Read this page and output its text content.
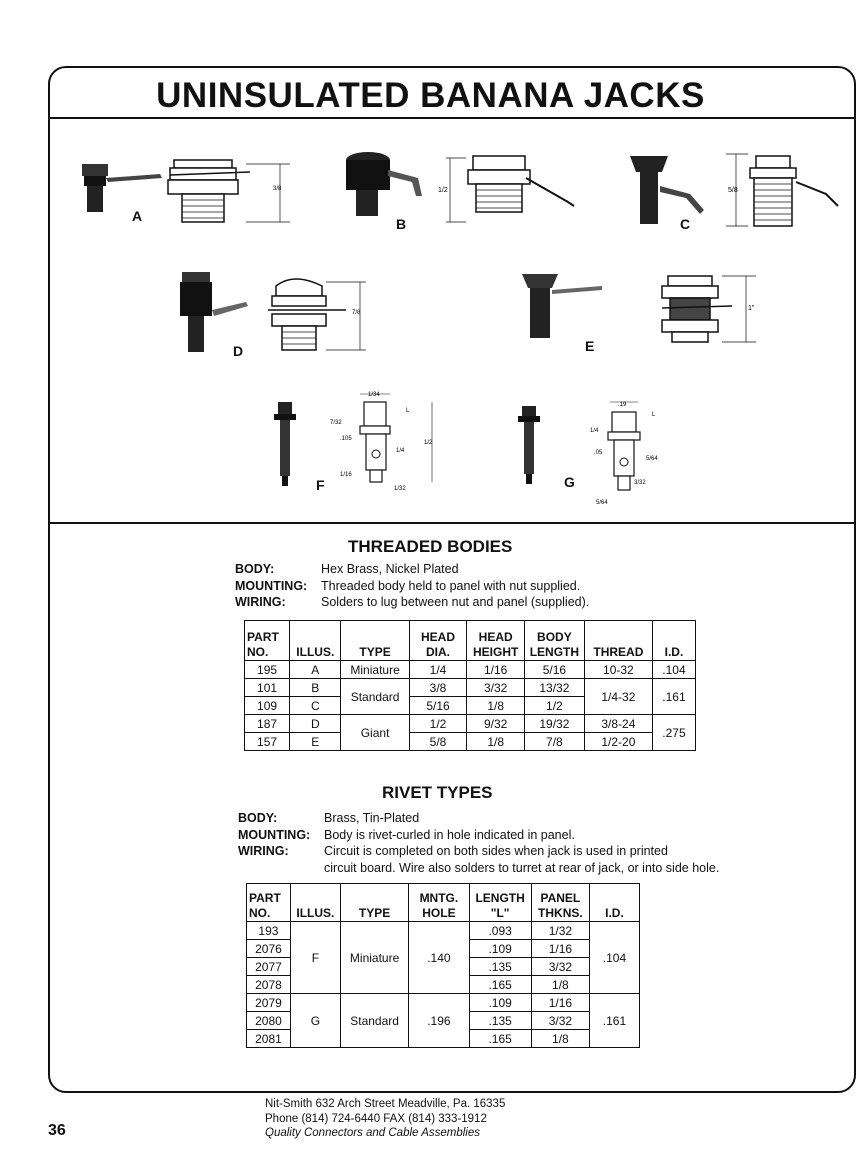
UNINSULATED BANANA JACKS
3/8
A
1/2
B
5/8
C
7/8
D
1"
E
1/34
7/32
.105
1/4
1/2
1/16
1/32
L
F
.19
1/4
.05
5/64
3/32
5/64
L
G
THREADED BODIES
BODY:	Hex Brass, Nickel Plated
MOUNTING:	Threaded body held to panel with nut supplied.
WIRING:	Solders to lug between nut and panel (supplied).
PART NO.	ILLUS.	TYPE	HEAD DIA.	HEAD HEIGHT	BODY LENGTH	THREAD	I.D.
195	A	Miniature	1/4	1/16	5/16	10-32	.104
101	B	Standard	3/8	3/32	13/32	1/4-32	.161
109	C		5/16	1/8	1/2		
187	D	Giant	1/2	9/32	19/32	3/8-24	.275
157	E		5/8	1/8	7/8	1/2-20	
RIVET TYPES
BODY:	Brass, Tin-Plated
MOUNTING:	Body is rivet-curled in hole indicated in panel.
WIRING:	Circuit is completed on both sides when jack is used in printed
circuit board. Wire also solders to turret at rear of jack, or into side hole.
PART NO.	ILLUS.	TYPE	MNTG. HOLE	LENGTH "L"	PANEL THKNS.	I.D.
193	F	Miniature	.140	.093	1/32	.104
2076				.109	1/16	
2077				.135	3/32	
2078				.165	1/8	
2079	G	Standard	.196	.109	1/16	.161
2080				.135	3/32	
2081				.165	1/8	
Nit-Smith 632 Arch Street Meadville, Pa. 16335
Phone (814) 724-6440 FAX (814) 333-1912
Quality Connectors and Cable Assemblies
36
